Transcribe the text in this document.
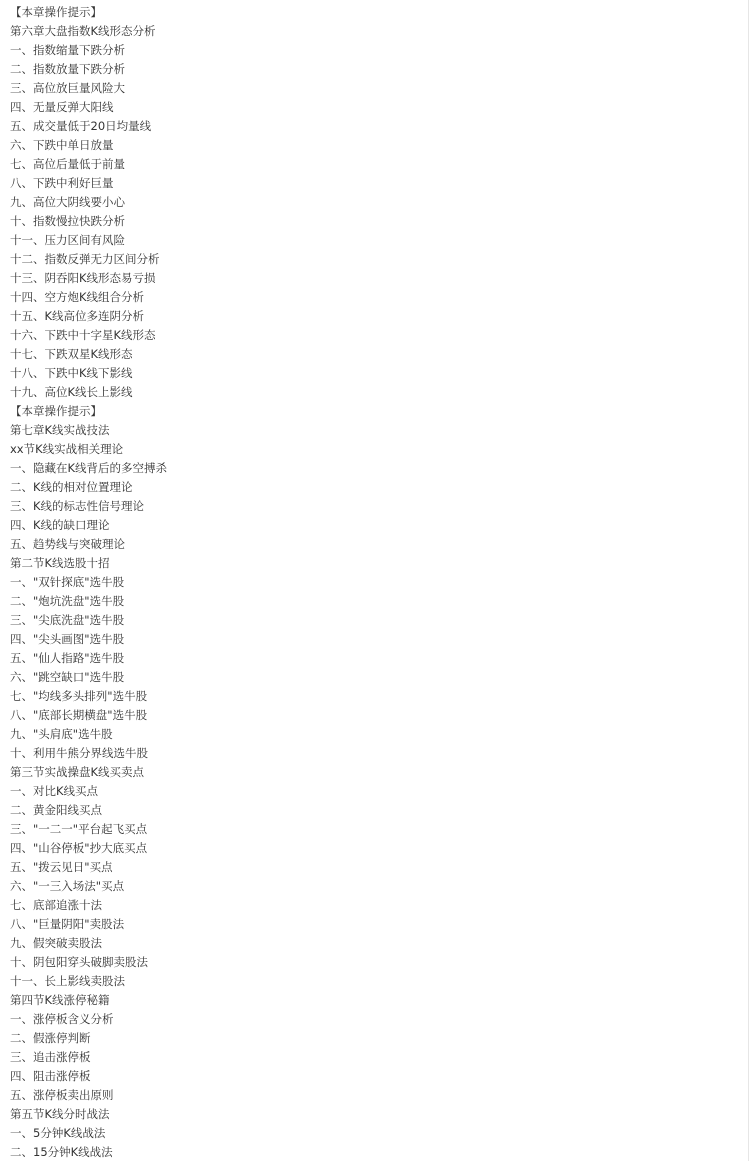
【本章操作提示】
第六章大盘指数K线形态分析
一、指数缩量下跌分析
二、指数放量下跌分析
三、高位放巨量风险大
四、无量反弹大阳线
五、成交量低于20日均量线
六、下跌中单日放量
七、高位后量低于前量
八、下跌中利好巨量
九、高位大阴线要小心
十、指数慢拉快跌分析
十一、压力区间有风险
十二、指数反弹无力区间分析
十三、阴吞阳K线形态易亏损
十四、空方炮K线组合分析
十五、K线高位多连阴分析
十六、下跌中十字星K线形态
十七、下跌双星K线形态
十八、下跌中K线下影线
十九、高位K线长上影线
【本章操作提示】
第七章K线实战技法
xx节K线实战相关理论
一、隐藏在K线背后的多空搏杀
二、K线的相对位置理论
三、K线的标志性信号理论
四、K线的缺口理论
五、趋势线与突破理论
第二节K线选股十招
一、"双针探底"选牛股
二、"炮坑洗盘"选牛股
三、"尖底洗盘"选牛股
四、"尖头画图"选牛股
五、"仙人指路"选牛股
六、"跳空缺口"选牛股
七、"均线多头排列"选牛股
八、"底部长期横盘"选牛股
九、"头肩底"选牛股
十、利用牛熊分界线选牛股
第三节实战操盘K线买卖点
一、对比K线买点
二、黄金阳线买点
三、"一二一"平台起飞买点
四、"山谷停板"抄大底买点
五、"拨云见日"买点
六、"一三入场法"买点
七、底部追涨十法
八、"巨量阴阳"卖股法
九、假突破卖股法
十、阴包阳穿头破脚卖股法
十一、长上影线卖股法
第四节K线涨停秘籍
一、涨停板含义分析
二、假涨停判断
三、追击涨停板
四、阻击涨停板
五、涨停板卖出原则
第五节K线分时战法
一、5分钟K线战法
二、15分钟K线战法
